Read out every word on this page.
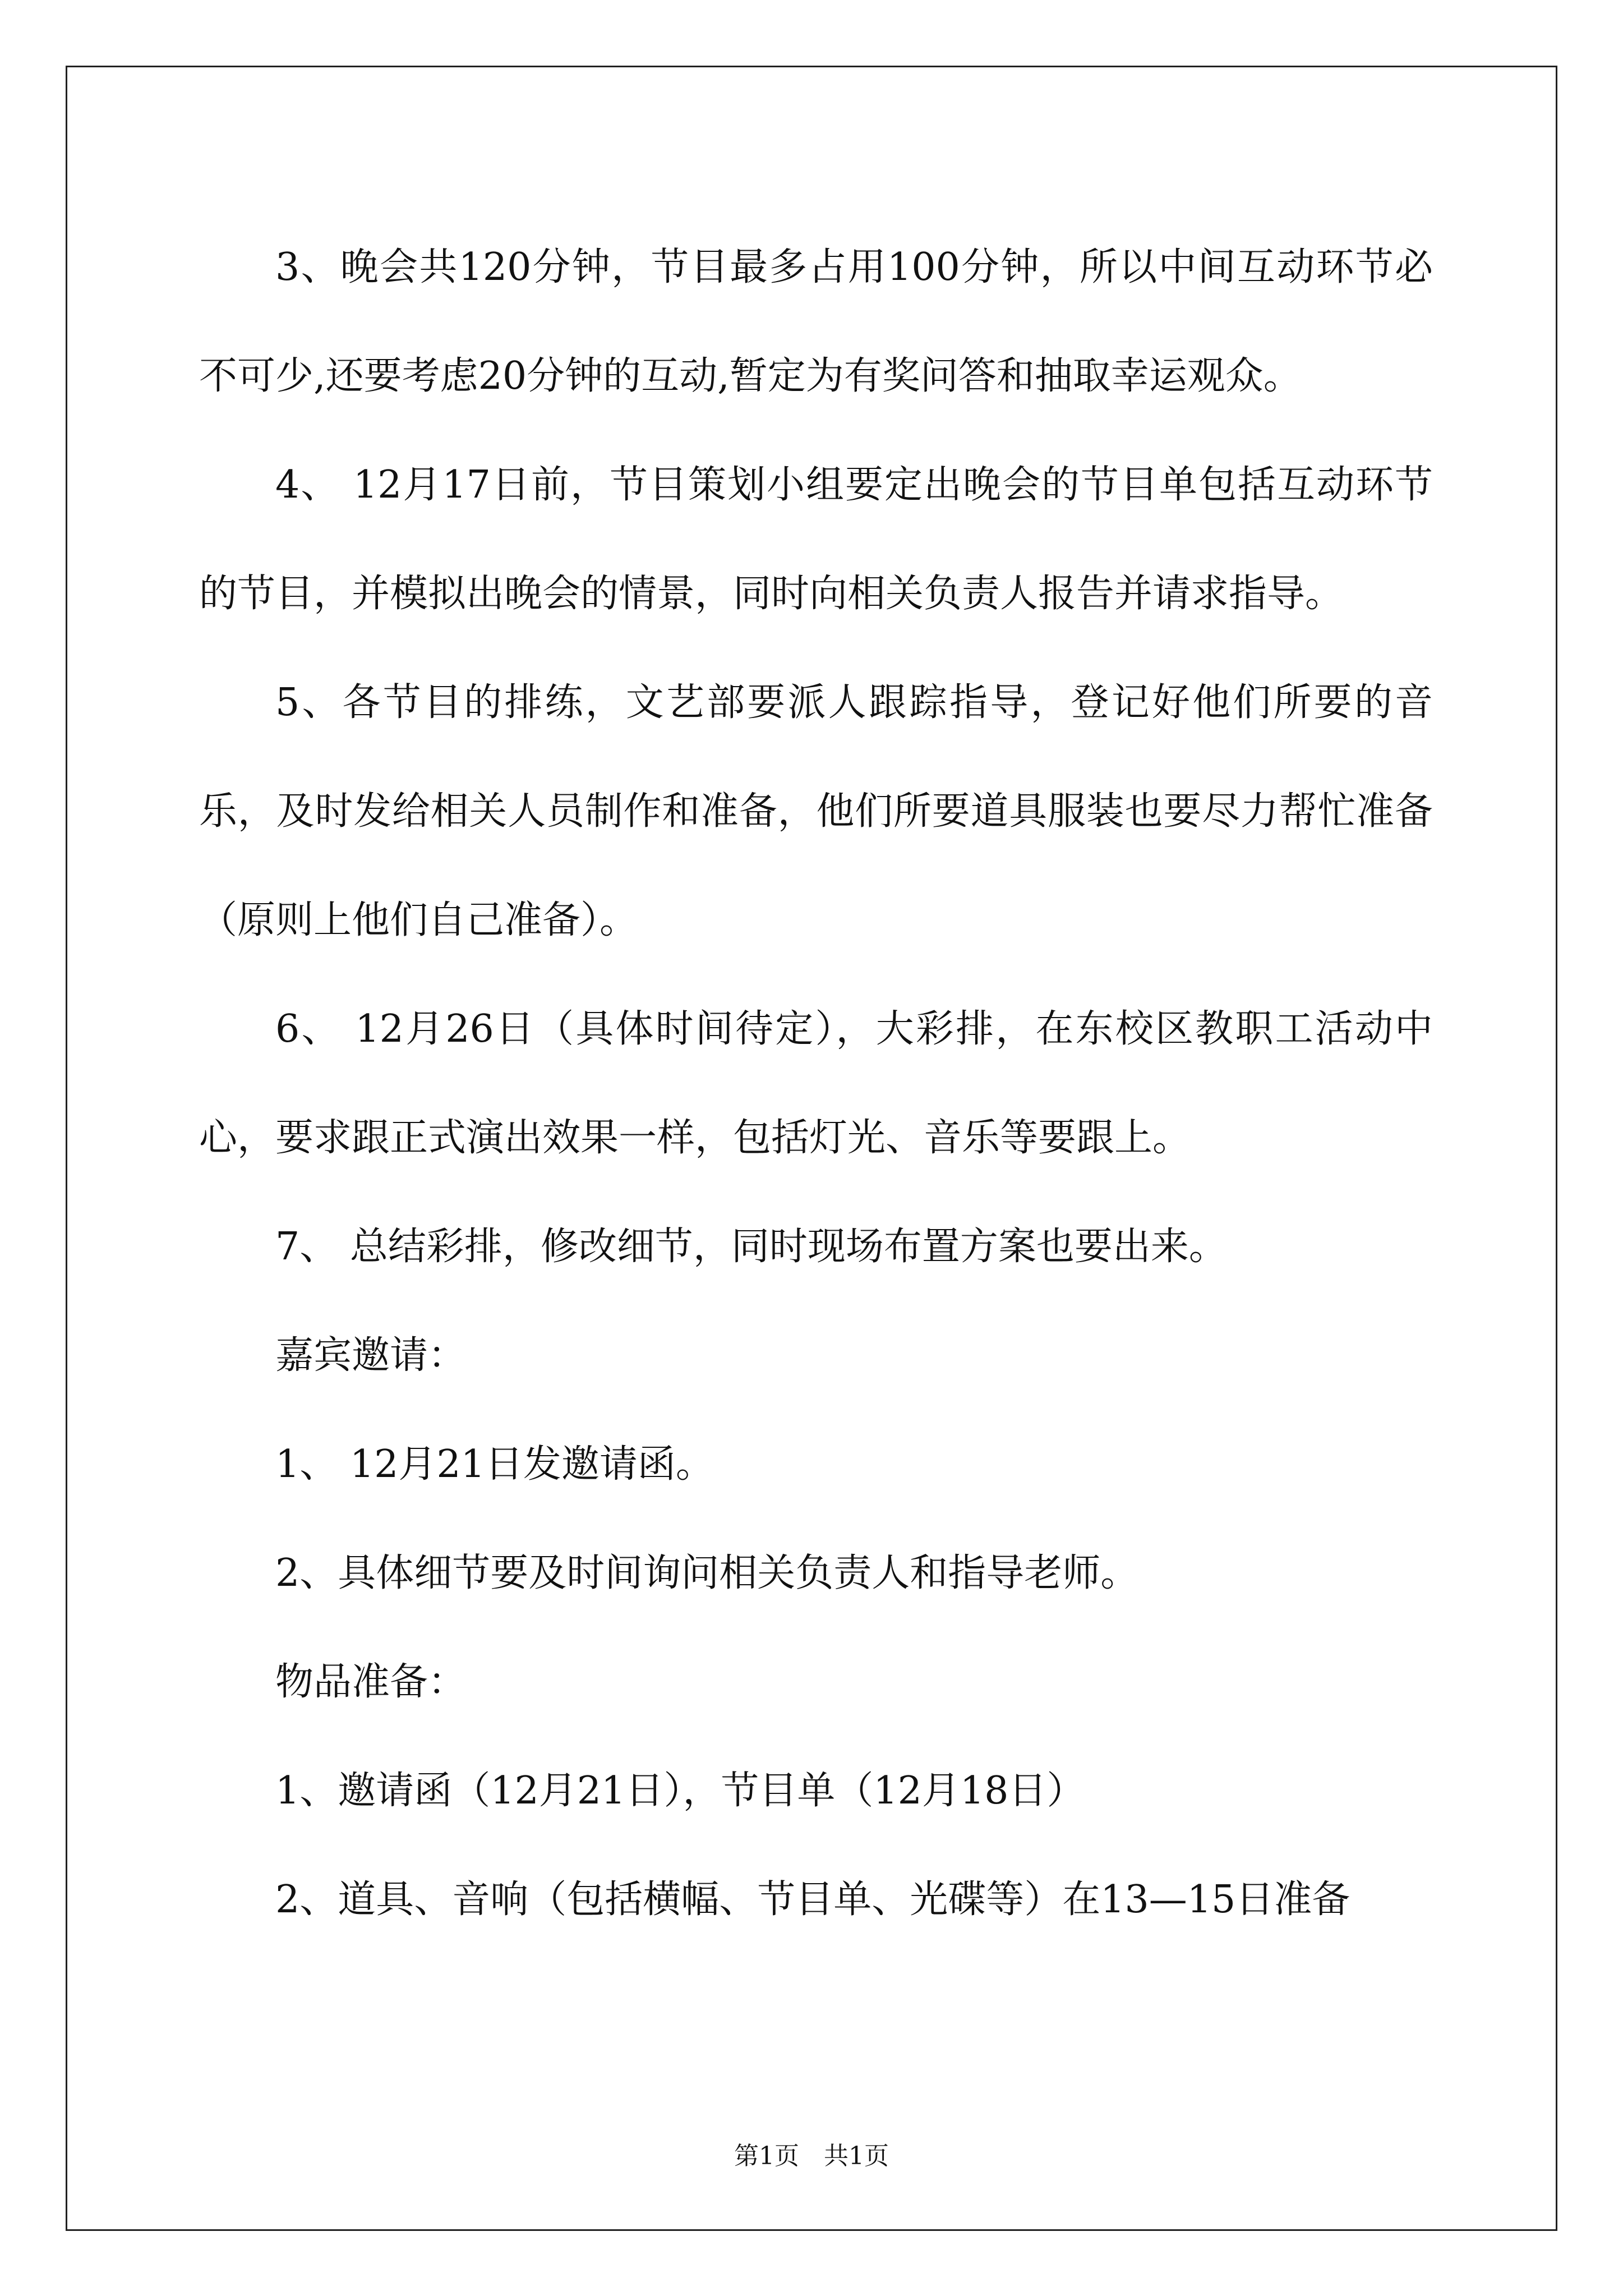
3、晚会共120分钟，节目最多占用100分钟，所以中间互动环节必不可少,还要考虑20分钟的互动,暂定为有奖问答和抽取幸运观众。

4、 12月17日前，节目策划小组要定出晚会的节目单包括互动环节的节目，并模拟出晚会的情景，同时向相关负责人报告并请求指导。

5、各节目的排练，文艺部要派人跟踪指导，登记好他们所要的音乐，及时发给相关人员制作和准备，他们所要道具服装也要尽力帮忙准备（原则上他们自己准备）。

6、 12月26日（具体时间待定），大彩排，在东校区教职工活动中心，要求跟正式演出效果一样，包括灯光、音乐等要跟上。

7、 总结彩排，修改细节，同时现场布置方案也要出来。

嘉宾邀请：

1、 12月21日发邀请函。

2、具体细节要及时间询问相关负责人和指导老师。

物品准备：

1、邀请函（12月21日），节目单（12月18日）

2、道具、音响（包括横幅、节目单、光碟等）在13—15日准备

第1页　共1页
